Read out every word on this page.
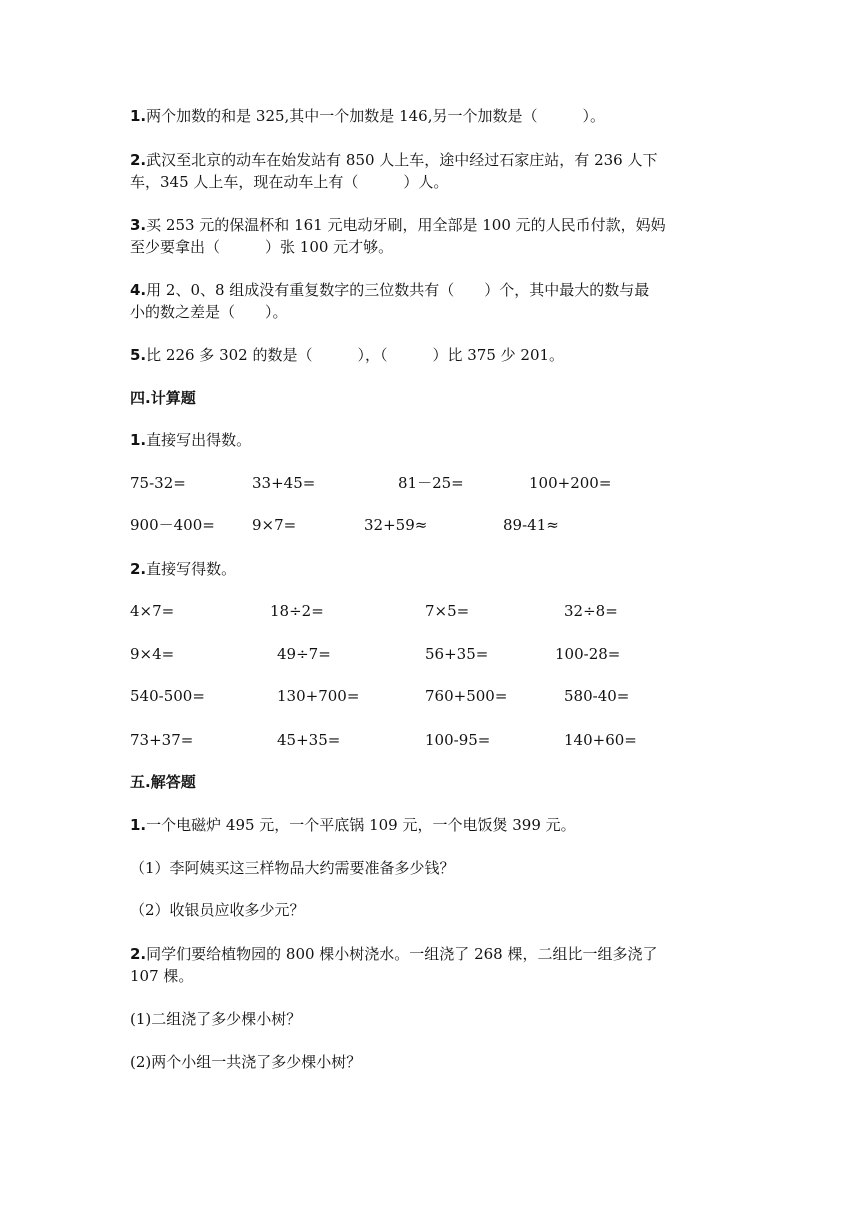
1.两个加数的和是 325,其中一个加数是 146,另一个加数是（　　　）。
2.武汉至北京的动车在始发站有 850 人上车，途中经过石家庄站，有 236 人下
车，345 人上车，现在动车上有（　　　）人。
3.买 253 元的保温杯和 161 元电动牙刷，用全部是 100 元的人民币付款，妈妈
至少要拿出（　　　）张 100 元才够。
4.用 2、0、8 组成没有重复数字的三位数共有（　　）个，其中最大的数与最
小的数之差是（　　）。
5.比 226 多 302 的数是（　　　），（　　　）比 375 少 201。
四.计算题
1.直接写出得数。
75-32=	33+45=	81－25=	100+200=
900－400= 9×7=	32+59≈	89-41≈
2.直接写得数。
4×7=	18÷2=	7×5=	32÷8=
9×4=	49÷7=	56+35=	100-28=
540-500=	130+700=	760+500=	580-40=
73+37=	45+35=	100-95=	140+60=
五.解答题
1.一个电磁炉 495 元，一个平底锅 109 元，一个电饭煲 399 元。
（1）李阿姨买这三样物品大约需要准备多少钱？
（2）收银员应收多少元？
2.同学们要给植物园的 800 棵小树浇水。一组浇了 268 棵，二组比一组多浇了
107 棵。
(1)二组浇了多少棵小树？
(2)两个小组一共浇了多少棵小树？
